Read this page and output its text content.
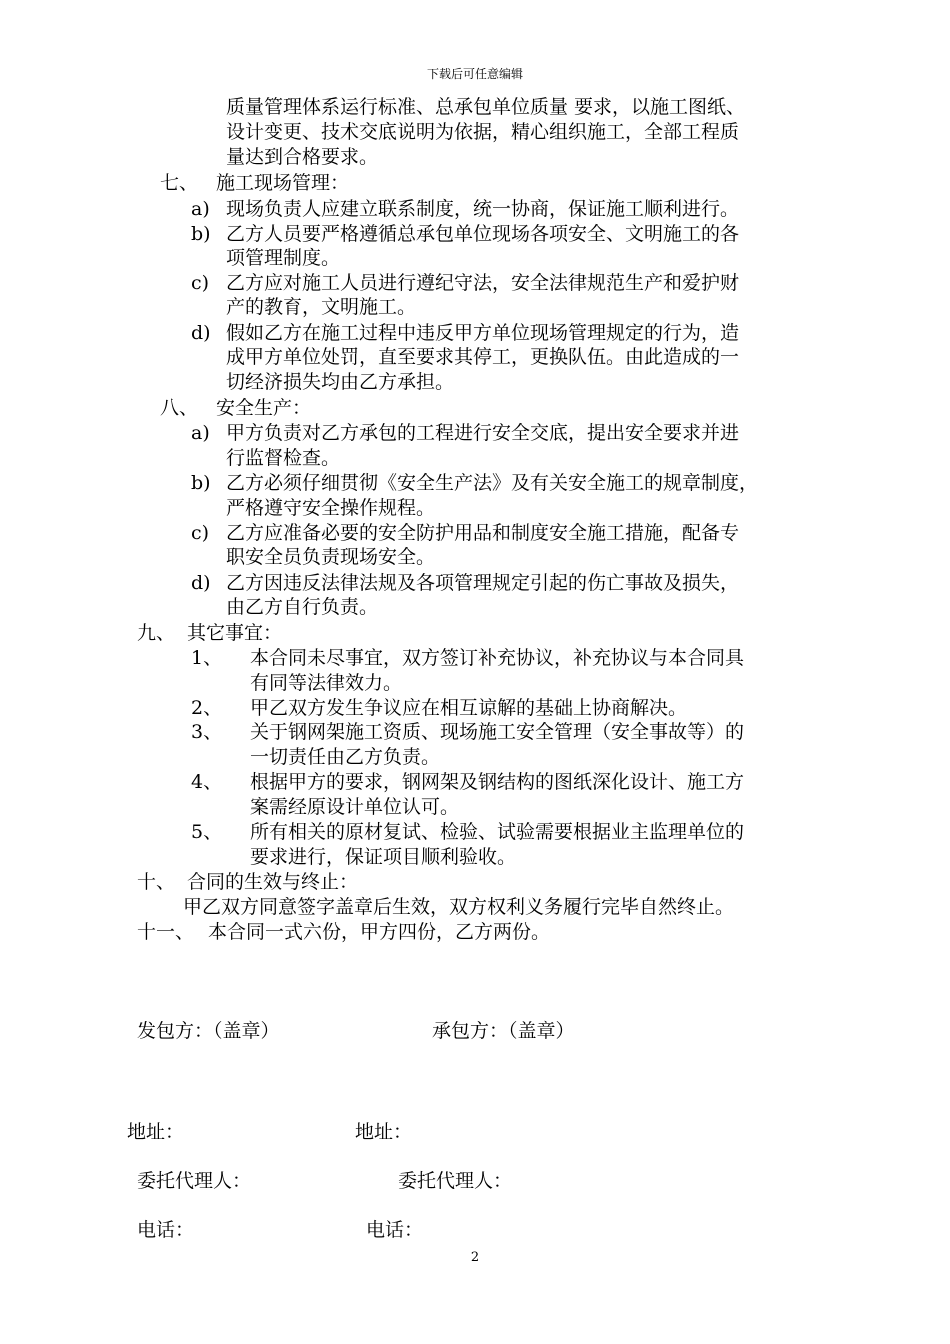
下载后可任意编辑
质量管理体系运行标准、总承包单位质量 要求，以施工图纸、
设计变更、技术交底说明为依据，精心组织施工，全部工程质
量达到合格要求。
七、 施工现场管理：
a) 现场负责人应建立联系制度，统一协商，保证施工顺利进行。
b) 乙方人员要严格遵循总承包单位现场各项安全、文明施工的各
项管理制度。
c) 乙方应对施工人员进行遵纪守法，安全法律规范生产和爱护财
产的教育，文明施工。
d) 假如乙方在施工过程中违反甲方单位现场管理规定的行为，造
成甲方单位处罚，直至要求其停工，更换队伍。由此造成的一
切经济损失均由乙方承担。
八、 安全生产：
a) 甲方负责对乙方承包的工程进行安全交底，提出安全要求并进
行监督检查。
b) 乙方必须仔细贯彻《安全生产法》及有关安全施工的规章制度，
严格遵守安全操作规程。
c) 乙方应准备必要的安全防护用品和制度安全施工措施，配备专
职安全员负责现场安全。
d) 乙方因违反法律法规及各项管理规定引起的伤亡事故及损失，
由乙方自行负责。
九、 其它事宜：
1、 本合同未尽事宜，双方签订补充协议，补充协议与本合同具
有同等法律效力。
2、 甲乙双方发生争议应在相互谅解的基础上协商解决。
3、 关于钢网架施工资质、现场施工安全管理（安全事故等）的
一切责任由乙方负责。
4、 根据甲方的要求，钢网架及钢结构的图纸深化设计、施工方
案需经原设计单位认可。
5、 所有相关的原材复试、检验、试验需要根据业主监理单位的
要求进行，保证项目顺利验收。
十、 合同的生效与终止：
甲乙双方同意签字盖章后生效，双方权利义务履行完毕自然终止。
十一、 本合同一式六份，甲方四份，乙方两份。
发包方：（盖章）	承包方：（盖章）
地址：	地址：
委托代理人：	委托代理人：
电话：	电话：
2
